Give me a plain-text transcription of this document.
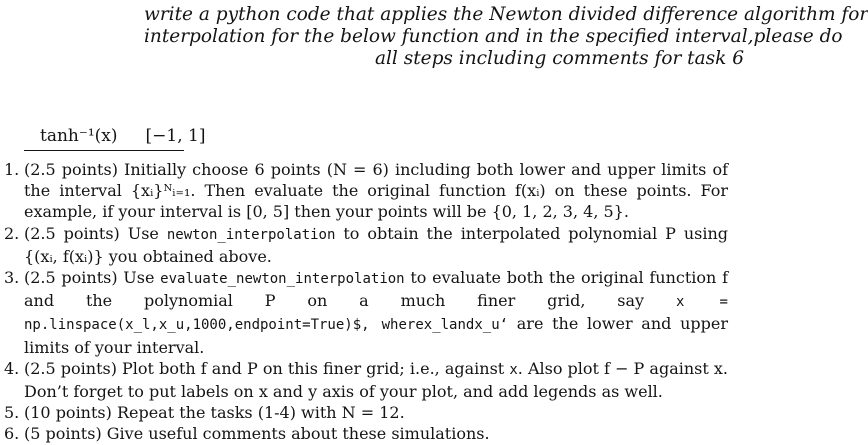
write a python code that applies the Newton divided difference algorithm for
interpolation for the below function and in the specified interval,please do
all steps including comments for task 6
tanh⁻¹(x) [−1, 1]
1. (2.5 points) Initially choose 6 points (N = 6) including both lower and upper limits of the interval {xᵢ}ᴺᵢ₌₁. Then evaluate the original function f(xᵢ) on these points. For example, if your interval is [0, 5] then your points will be {0, 1, 2, 3, 4, 5}.
2. (2.5 points) Use newton_interpolation to obtain the interpolated polynomial P using {(xᵢ, f(xᵢ)} you obtained above.
3. (2.5 points) Use evaluate_newton_interpolation to evaluate both the original function f and the polynomial P on a much finer grid, say x = np.linspace(x_l,x_u,1000,endpoint=True)$, wherex_landx_u‘ are the lower and upper limits of your interval.
4. (2.5 points) Plot both f and P on this finer grid; i.e., against x. Also plot f − P against x. Don’t forget to put labels on x and y axis of your plot, and add legends as well.
5. (10 points) Repeat the tasks (1-4) with N = 12.
6. (5 points) Give useful comments about these simulations.
